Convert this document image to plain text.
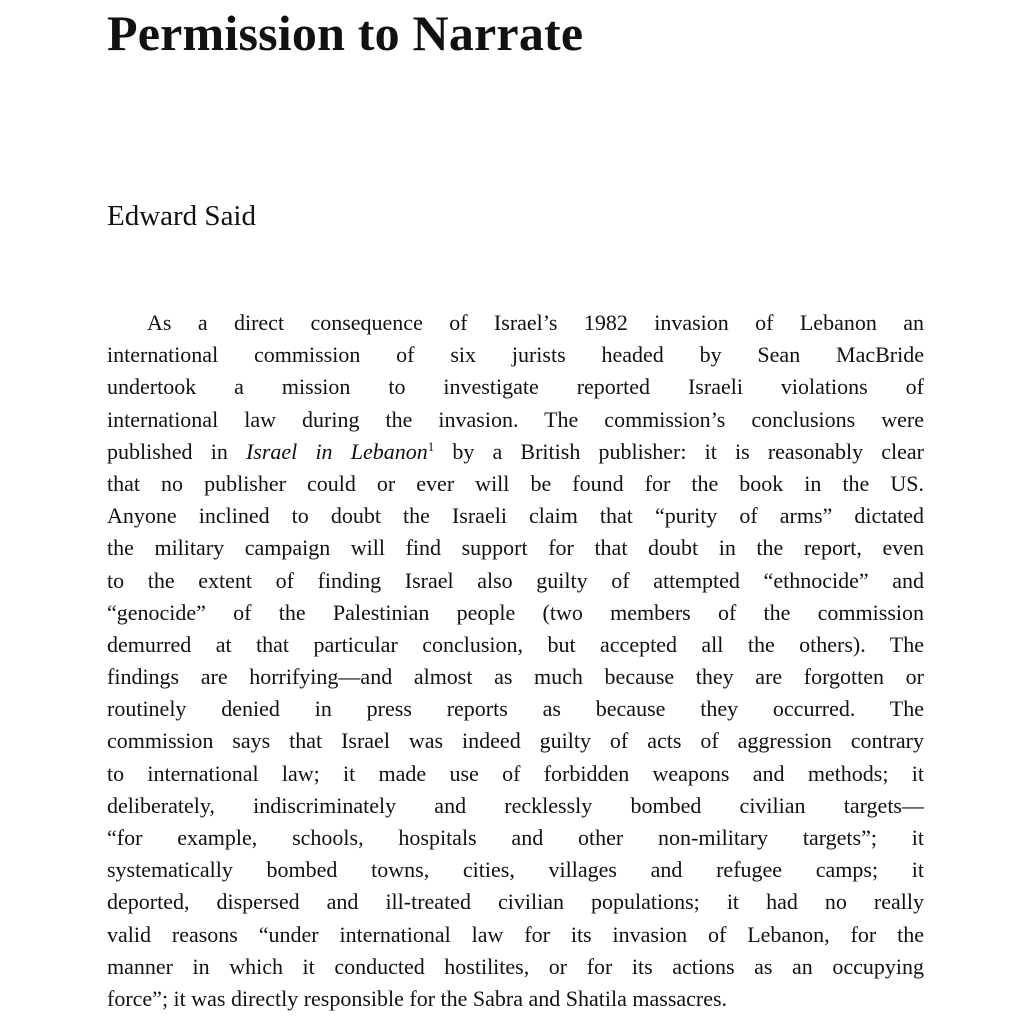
Permission to Narrate
Edward Said
As a direct consequence of Israel’s 1982 invasion of Lebanon an
international commission of six jurists headed by Sean MacBride
undertook a mission to investigate reported Israeli violations of
international law during the invasion. The commission’s conclusions were
published in Israel in Lebanon$^1$ by a British publisher: it is reasonably clear
that no publisher could or ever will be found for the book in the US.
Anyone inclined to doubt the Israeli claim that “purity of arms” dictated
the military campaign will find support for that doubt in the report, even
to the extent of finding Israel also guilty of attempted “ethnocide” and
“genocide” of the Palestinian people (two members of the commission
demurred at that particular conclusion, but accepted all the others). The
findings are horrifying—and almost as much because they are forgotten or
routinely denied in press reports as because they occurred. The
commission says that Israel was indeed guilty of acts of aggression contrary
to international law; it made use of forbidden weapons and methods; it
deliberately, indiscriminately and recklessly bombed civilian targets—
“for example, schools, hospitals and other non-military targets”; it
systematically bombed towns, cities, villages and refugee camps; it
deported, dispersed and ill-treated civilian populations; it had no really
valid reasons “under international law for its invasion of Lebanon, for the
manner in which it conducted hostilites, or for its actions as an occupying
force”; it was directly responsible for the Sabra and Shatila massacres.
